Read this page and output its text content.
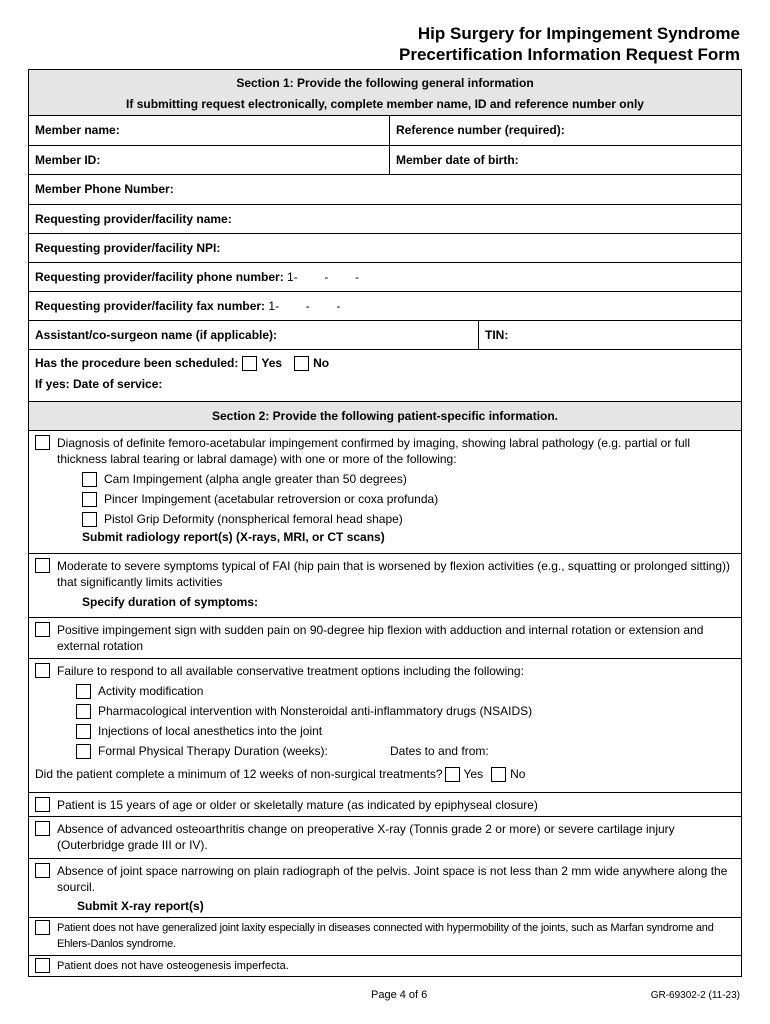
Hip Surgery for Impingement Syndrome
Precertification Information Request Form
Section 1: Provide the following general information
If submitting request electronically, complete member name, ID and reference number only
Member name:	Reference number (required):
Member ID:	Member date of birth:
Member Phone Number:
Requesting provider/facility name:
Requesting provider/facility NPI:
Requesting provider/facility phone number: 1-        -        -
Requesting provider/facility fax number: 1-        -        -
Assistant/co-surgeon name (if applicable):	TIN:
Has the procedure been scheduled: Yes	No
If yes: Date of service:
Section 2: Provide the following patient-specific information.
Diagnosis of definite femoro-acetabular impingement confirmed by imaging, showing labral pathology (e.g. partial or full thickness labral tearing or labral damage) with one or more of the following:
Cam Impingement (alpha angle greater than 50 degrees)
Pincer Impingement (acetabular retroversion or coxa profunda)
Pistol Grip Deformity (nonspherical femoral head shape)
Submit radiology report(s) (X-rays, MRI, or CT scans)
Moderate to severe symptoms typical of FAI (hip pain that is worsened by flexion activities (e.g., squatting or prolonged sitting)) that significantly limits activities
Specify duration of symptoms:
Positive impingement sign with sudden pain on 90-degree hip flexion with adduction and internal rotation or extension and external rotation
Failure to respond to all available conservative treatment options including the following:
Activity modification
Pharmacological intervention with Nonsteroidal anti-inflammatory drugs (NSAIDS)
Injections of local anesthetics into the joint
Formal Physical Therapy Duration (weeks):	Dates to and from:
Did the patient complete a minimum of 12 weeks of non-surgical treatments? Yes No
Patient is 15 years of age or older or skeletally mature (as indicated by epiphyseal closure)
Absence of advanced osteoarthritis change on preoperative X-ray (Tonnis grade 2 or more) or severe cartilage injury (Outerbridge grade III or IV).
Absence of joint space narrowing on plain radiograph of the pelvis. Joint space is not less than 2 mm wide anywhere along the sourcil.
Submit X-ray report(s)
Patient does not have generalized joint laxity especially in diseases connected with hypermobility of the joints, such as Marfan syndrome and Ehlers-Danlos syndrome.
Patient does not have osteogenesis imperfecta.
Page 4 of 6	GR-69302-2 (11-23)
